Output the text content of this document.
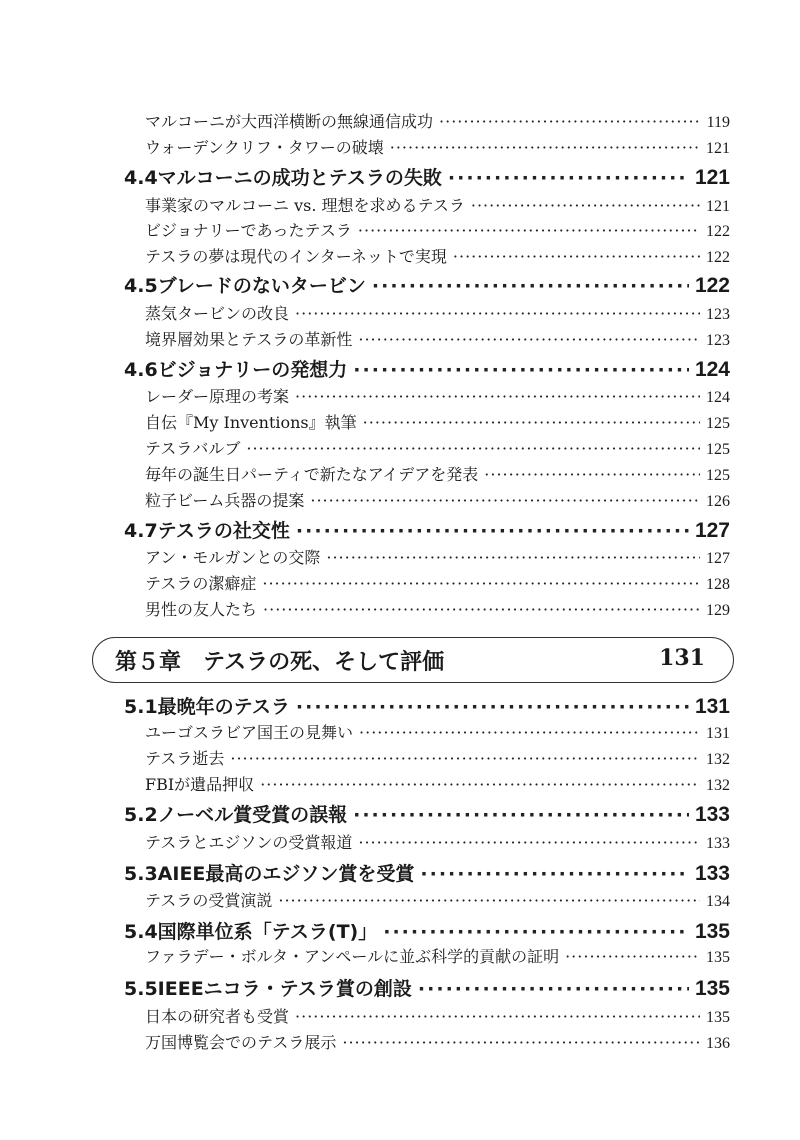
マルコーニが大西洋横断の無線通信成功 ·····	119
ウォーデンクリフ・タワーの破壊 ·····	121
4.4 マルコーニの成功とテスラの失敗 ·····	121
事業家のマルコーニ vs. 理想を求めるテスラ ·····	121
ビジョナリーであったテスラ ·····	122
テスラの夢は現代のインターネットで実現 ·····	122
4.5 ブレードのないタービン ·····	122
蒸気タービンの改良 ·····	123
境界層効果とテスラの革新性 ·····	123
4.6 ビジョナリーの発想力 ·····	124
レーダー原理の考案 ·····	124
自伝『My Inventions』執筆 ·····	125
テスラバルブ ·····	125
毎年の誕生日パーティで新たなアイデアを発表 ·····	125
粒子ビーム兵器の提案 ·····	126
4.7 テスラの社交性 ·····	127
アン・モルガンとの交際 ·····	127
テスラの潔癖症 ·····	128
男性の友人たち ·····	129
第５章　テスラの死、そして評価	131
5.1 最晩年のテスラ ·····	131
ユーゴスラビア国王の見舞い ·····	131
テスラ逝去 ·····	132
FBIが遺品押収 ·····	132
5.2 ノーベル賞受賞の誤報 ·····	133
テスラとエジソンの受賞報道 ·····	133
5.3 AIEE最高のエジソン賞を受賞 ·····	133
テスラの受賞演説 ·····	134
5.4 国際単位系「テスラ(T)」 ·····	135
ファラデー・ボルタ・アンペールに並ぶ科学的貢献の証明 ·····	135
5.5 IEEEニコラ・テスラ賞の創設 ·····	135
日本の研究者も受賞 ·····	135
万国博覧会でのテスラ展示 ·····	136
